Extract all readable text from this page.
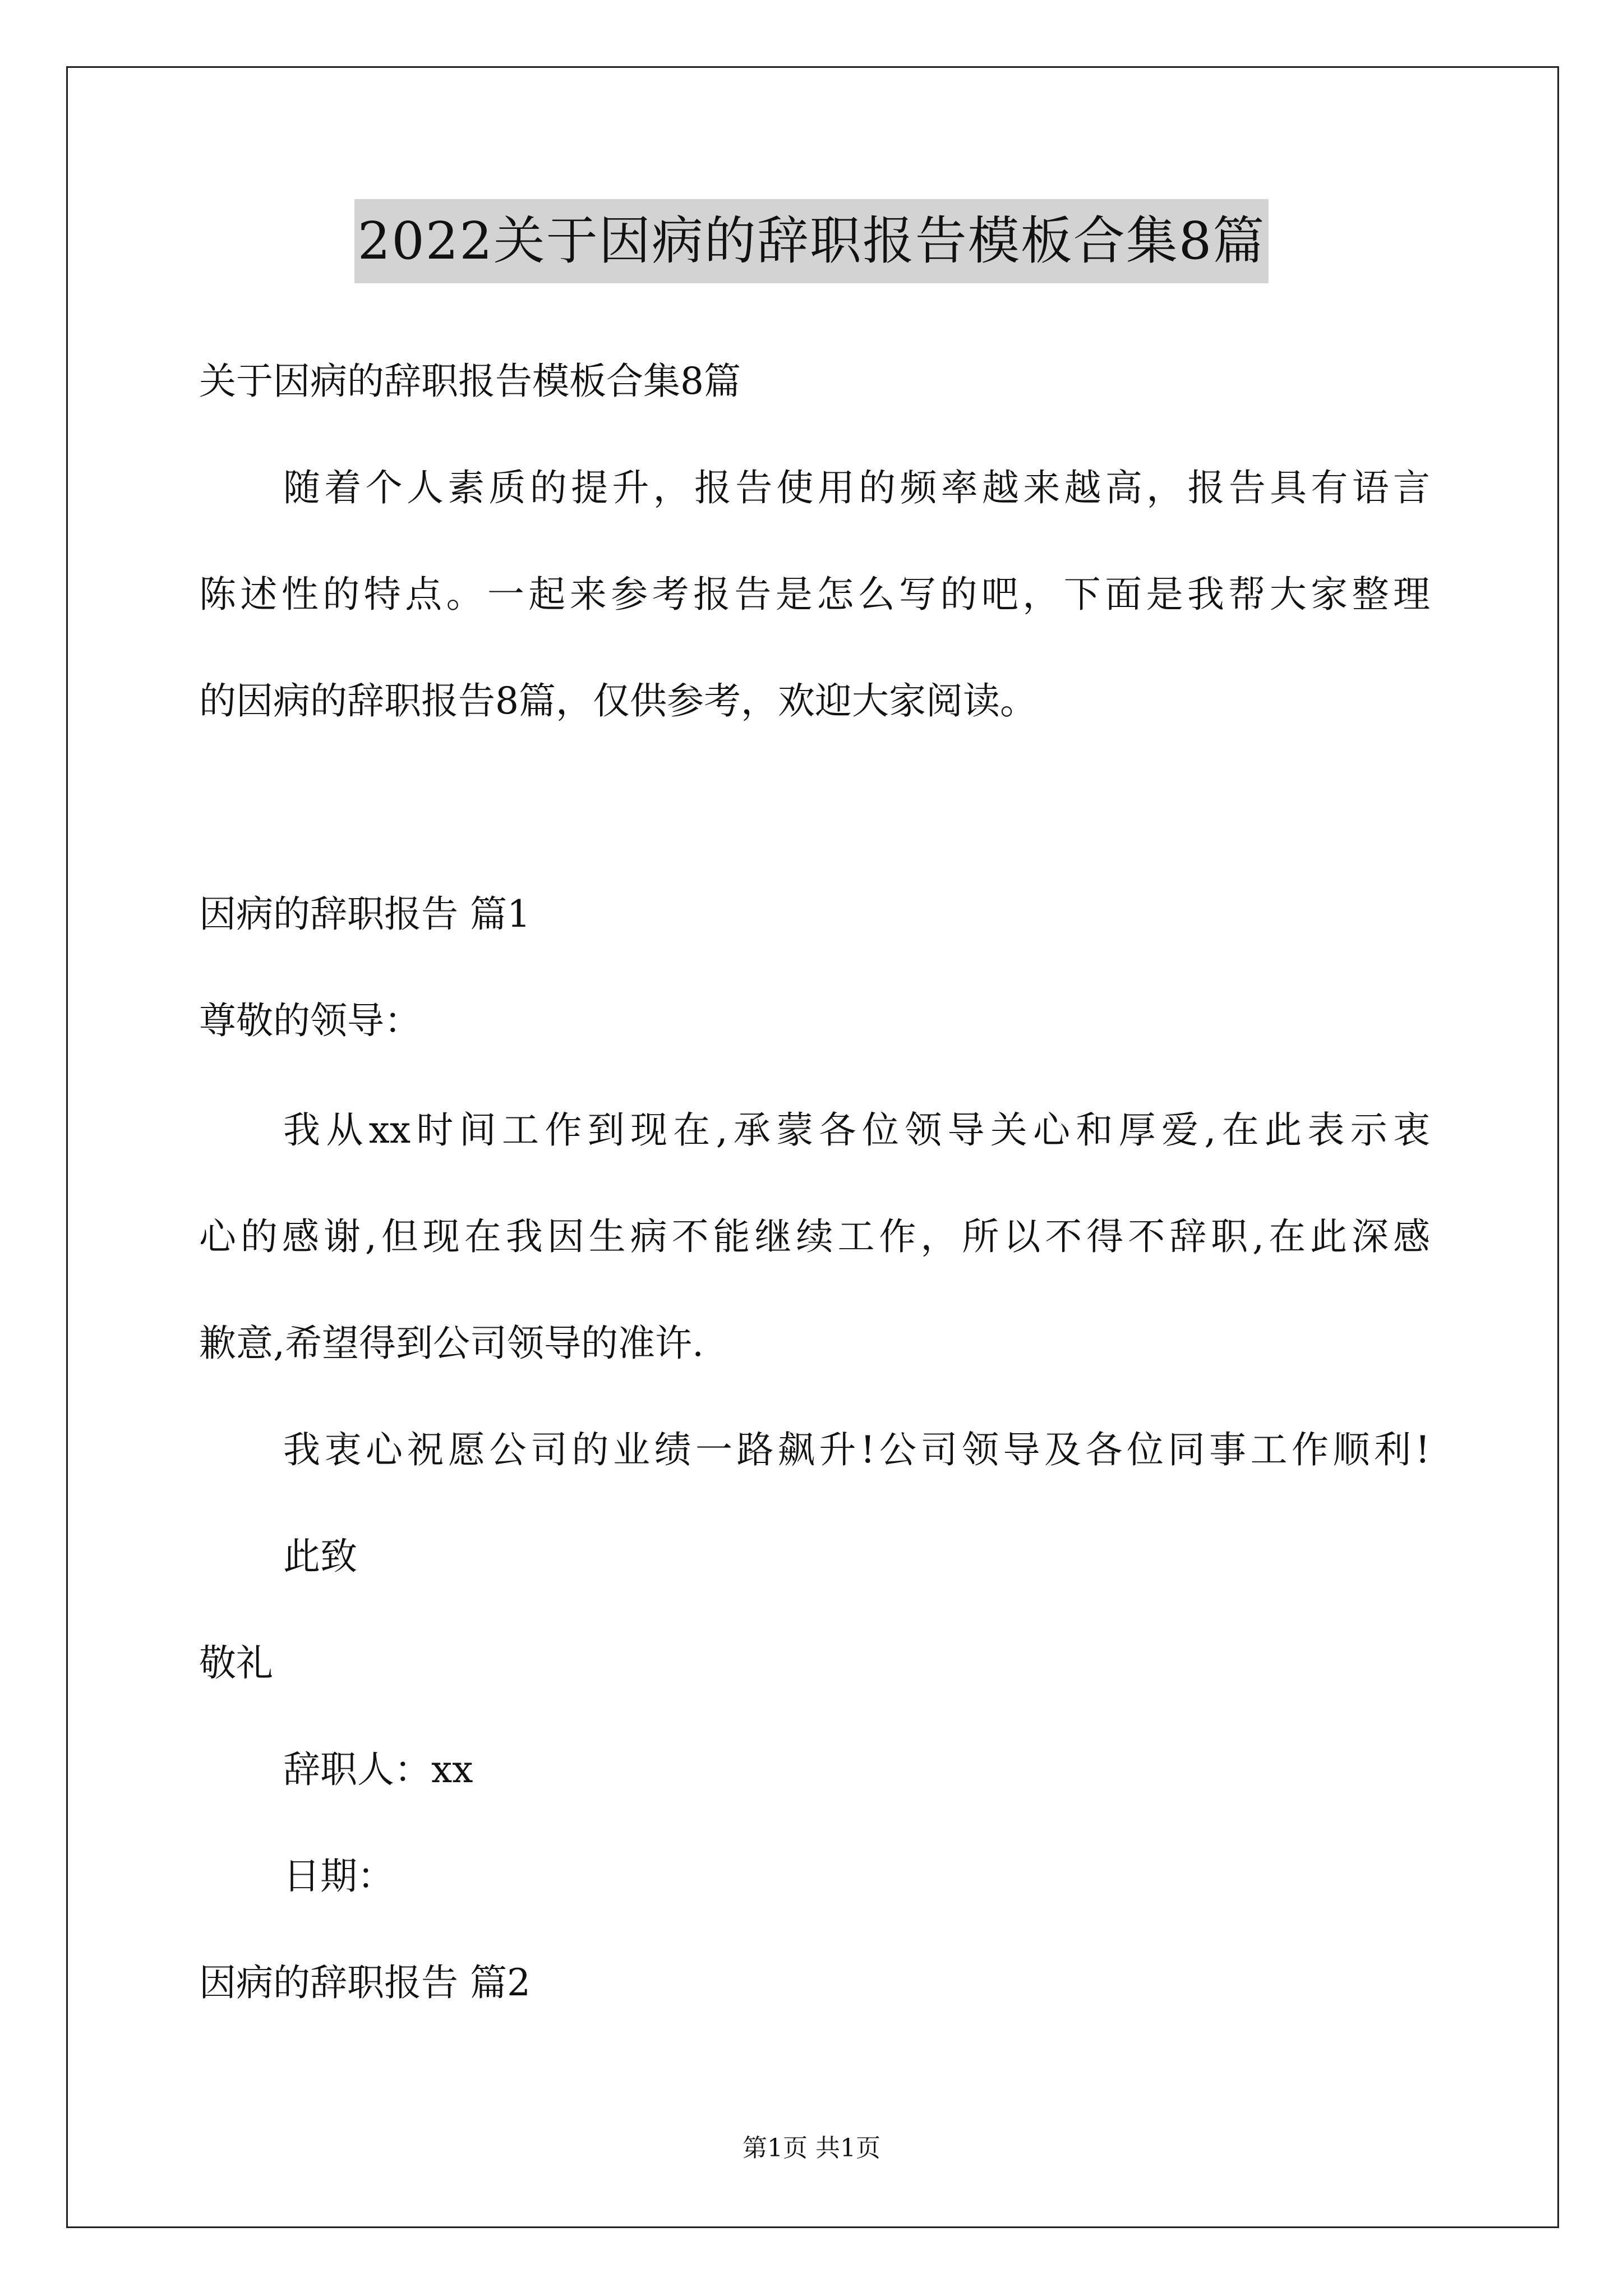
2022关于因病的辞职报告模板合集8篇
关于因病的辞职报告模板合集8篇
随着个人素质的提升，报告使用的频率越来越高，报告具有语言
陈述性的特点。一起来参考报告是怎么写的吧，下面是我帮大家整理
的因病的辞职报告8篇，仅供参考，欢迎大家阅读。
因病的辞职报告 篇1
尊敬的领导：
我从xx时间工作到现在,承蒙各位领导关心和厚爱,在此表示衷
心的感谢,但现在我因生病不能继续工作，所以不得不辞职,在此深感
歉意,希望得到公司领导的准许.
我衷心祝愿公司的业绩一路飙升!公司领导及各位同事工作顺利!
此致
敬礼
辞职人：xx
日期：
因病的辞职报告 篇2
第1页 共1页
